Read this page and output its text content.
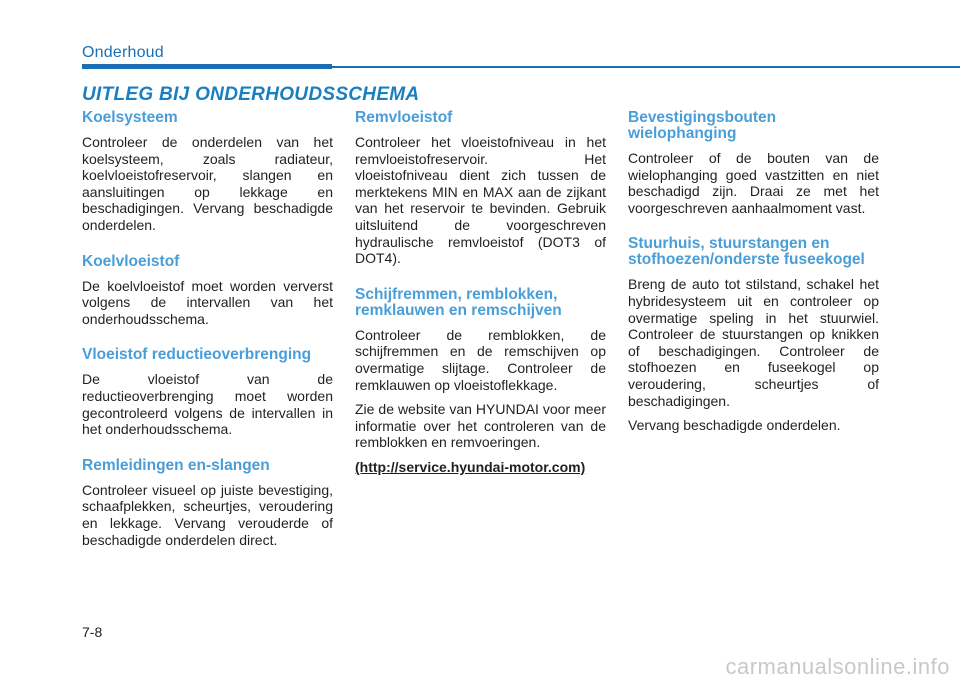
Onderhoud
UITLEG BIJ ONDERHOUDSSCHEMA
Koelsysteem

Controleer de onderdelen van het koelsysteem, zoals radiateur, koelvloeistofreservoir, slangen en aansluitingen op lekkage en beschadigingen. Vervang beschadigde onderdelen.

Koelvloeistof

De koelvloeistof moet worden ververst volgens de intervallen van het onderhoudsschema.

Vloeistof reductieoverbrenging

De vloeistof van de reductieoverbrenging moet worden gecontroleerd volgens de intervallen in het onderhoudsschema.

Remleidingen en-slangen

Controleer visueel op juiste bevestiging, schaafplekken, scheurtjes, veroudering en lekkage. Vervang verouderde of beschadigde onderdelen direct.

Remvloeistof

Controleer het vloeistofniveau in het remvloeistofreservoir. Het vloeistofniveau dient zich tussen de merktekens MIN en MAX aan de zijkant van het reservoir te bevinden. Gebruik uitsluitend de voorgeschreven hydraulische remvloeistof (DOT3 of DOT4).

Schijfremmen, remblokken, remklauwen en remschijven

Controleer de remblokken, de schijfremmen en de remschijven op overmatige slijtage. Controleer de remklauwen op vloeistoflekkage.

Zie de website van HYUNDAI voor meer informatie over het controleren van de remblokken en remvoeringen.

(http://service.hyundai-motor.com)
Bevestigingsbouten wielophanging

Controleer of de bouten van de wielophanging goed vastzitten en niet beschadigd zijn. Draai ze met het voorgeschreven aanhaalmoment vast.

Stuurhuis, stuurstangen en stofhoezen/onderste fuseekogel

Breng de auto tot stilstand, schakel het hybridesysteem uit en controleer op overmatige speling in het stuurwiel. Controleer de stuurstangen op knikken of beschadigingen. Controleer de stofhoezen en fuseekogel op veroudering, scheurtjes of beschadigingen.

Vervang beschadigde onderdelen.

7-8
carmanualsonline.info
